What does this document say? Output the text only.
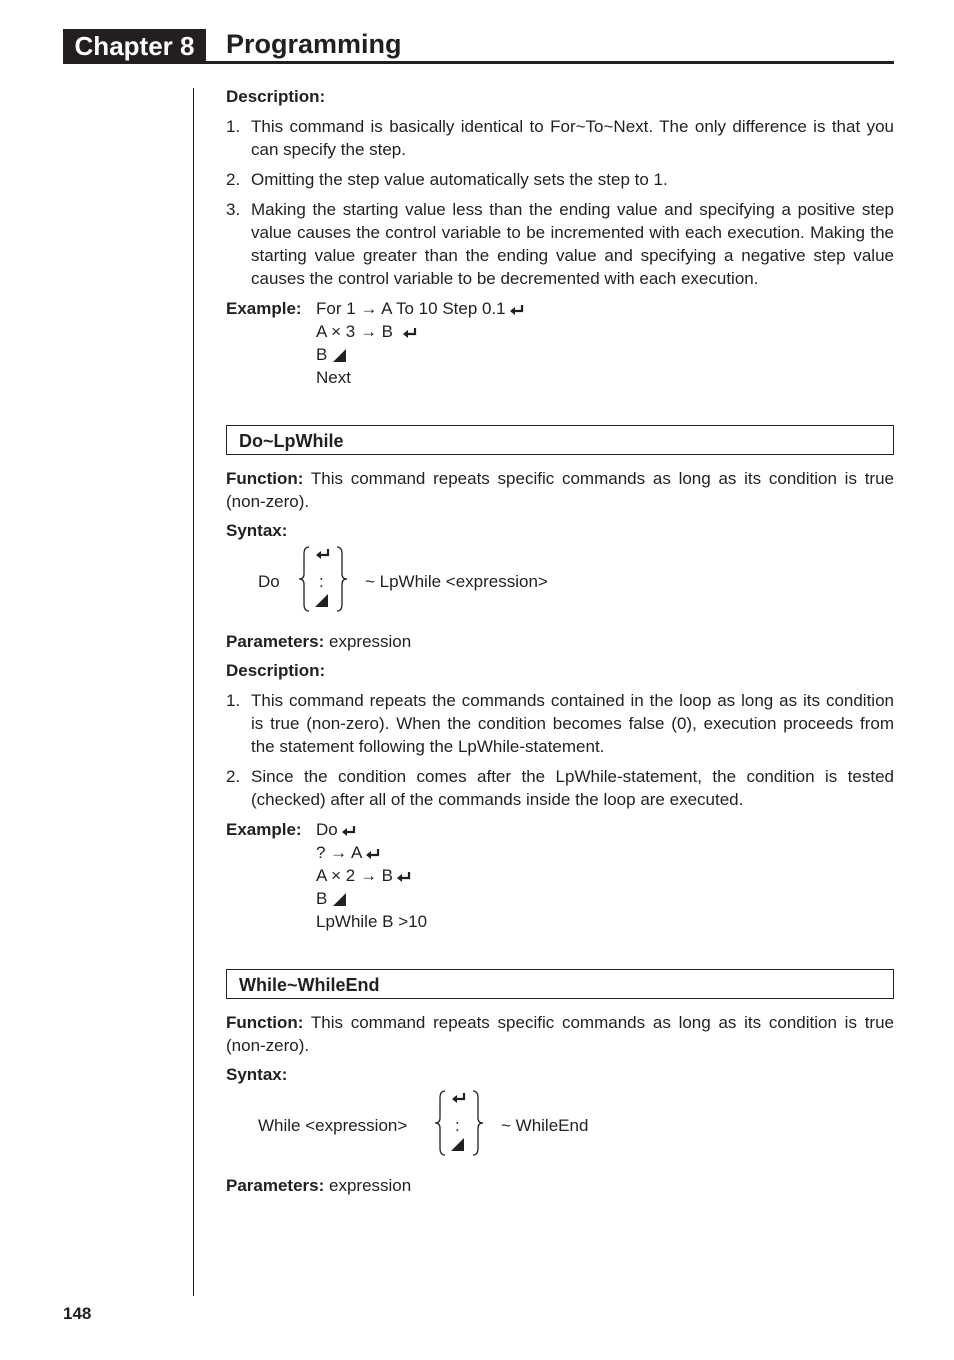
Chapter 8	Programming
148

Description:

1. This command is basically identical to For~To~Next. The only difference is that you can specify the step.
2. Omitting the step value automatically sets the step to 1.
3. Making the starting value less than the ending value and specifying a positive step value causes the control variable to be incremented with each execution. Making the starting value greater than the ending value and specifying a negative step value causes the control variable to be decremented with each execution.
Example: For 1 → A To 10 Step 0.1
A × 3 → B
B
Next
Do~LpWhile

Function: This command repeats specific commands as long as its condition is true (non-zero).

Syntax:

Do : ~ LpWhile <expression>

Parameters: expression

Description:

1. This command repeats the commands contained in the loop as long as its condition is true (non-zero). When the condition becomes false (0), execution proceeds from the statement following the LpWhile-statement.
2. Since the condition comes after the LpWhile-statement, the condition is tested (checked) after all of the commands inside the loop are executed.
Example: Do
? → A
A × 2 → B
B
LpWhile B >10
While~WhileEnd

Function: This command repeats specific commands as long as its condition is true (non-zero).

Syntax:

While <expression>	: ~ WhileEnd

Parameters: expression
